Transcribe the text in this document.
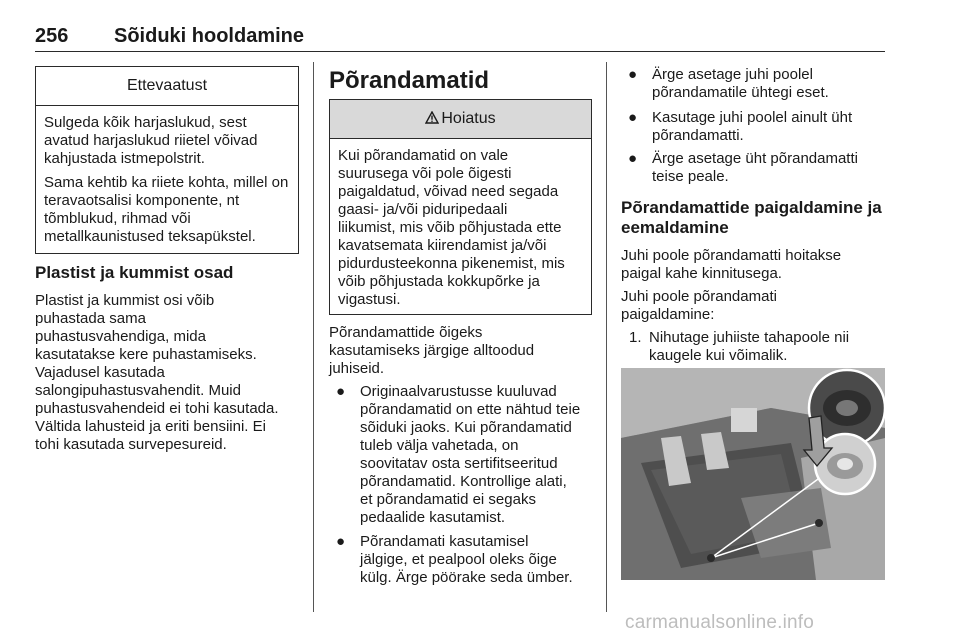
256 Sõiduki hooldamine
Ettevaatust

Sulgeda kõik harjaslukud, sest avatud harjaslukud riietel võivad kahjustada istmepolstrit.

Sama kehtib ka riiete kohta, millel on teravaotsalisi komponente, nt tõmblukud, rihmad või metallkaunistused teksapükstel.

Plastist ja kummist osad
Plastist ja kummist osi võib
puhastada sama
puhastusvahendiga, mida
kasutatakse kere puhastamiseks.
Vajadusel kasutada
salongipuhastusvahendit. Muid
puhastusvahendeid ei tohi kasutada.
Vältida lahusteid ja eriti bensiini. Ei
tohi kasutada survepesureid.
Põrandamatid
Hoiatus
Kui põrandamatid on vale
suurusega või pole õigesti
paigaldatud, võivad need segada
gaasi- ja/või piduripedaali
liikumist, mis võib põhjustada ette
kavatsemata kiirendamist ja/või
pidurdusteekonna pikenemist, mis
võib põhjustada kokkupõrke ja
vigastusi.
Põrandamattide õigeks
kasutamiseks järgige alltoodud
juhiseid.
● Originaalvarustusse kuuluvad
põrandamatid on ette nähtud teie
sõiduki jaoks. Kui põrandamatid
tuleb välja vahetada, on
soovitatav osta sertifitseeritud
põrandamatid. Kontrollige alati,
et põrandamatid ei segaks
pedaalide kasutamist.
● Põrandamati kasutamisel
jälgige, et pealpool oleks õige
külg. Ärge pöörake seda ümber.
● Ärge asetage juhi poolel
põrandamatile ühtegi eset.
● Kasutage juhi poolel ainult üht
põrandamatti.
● Ärge asetage üht põrandamatti
teise peale.
Põrandamattide paigaldamine ja
eemaldamine
Juhi poole põrandamatti hoitakse
paigal kahe kinnitusega.
Juhi poole põrandamati
paigaldamine:
1. Nihutage juhiiste tahapoole nii
kaugele kui võimalik.
carmanualsonline.info
